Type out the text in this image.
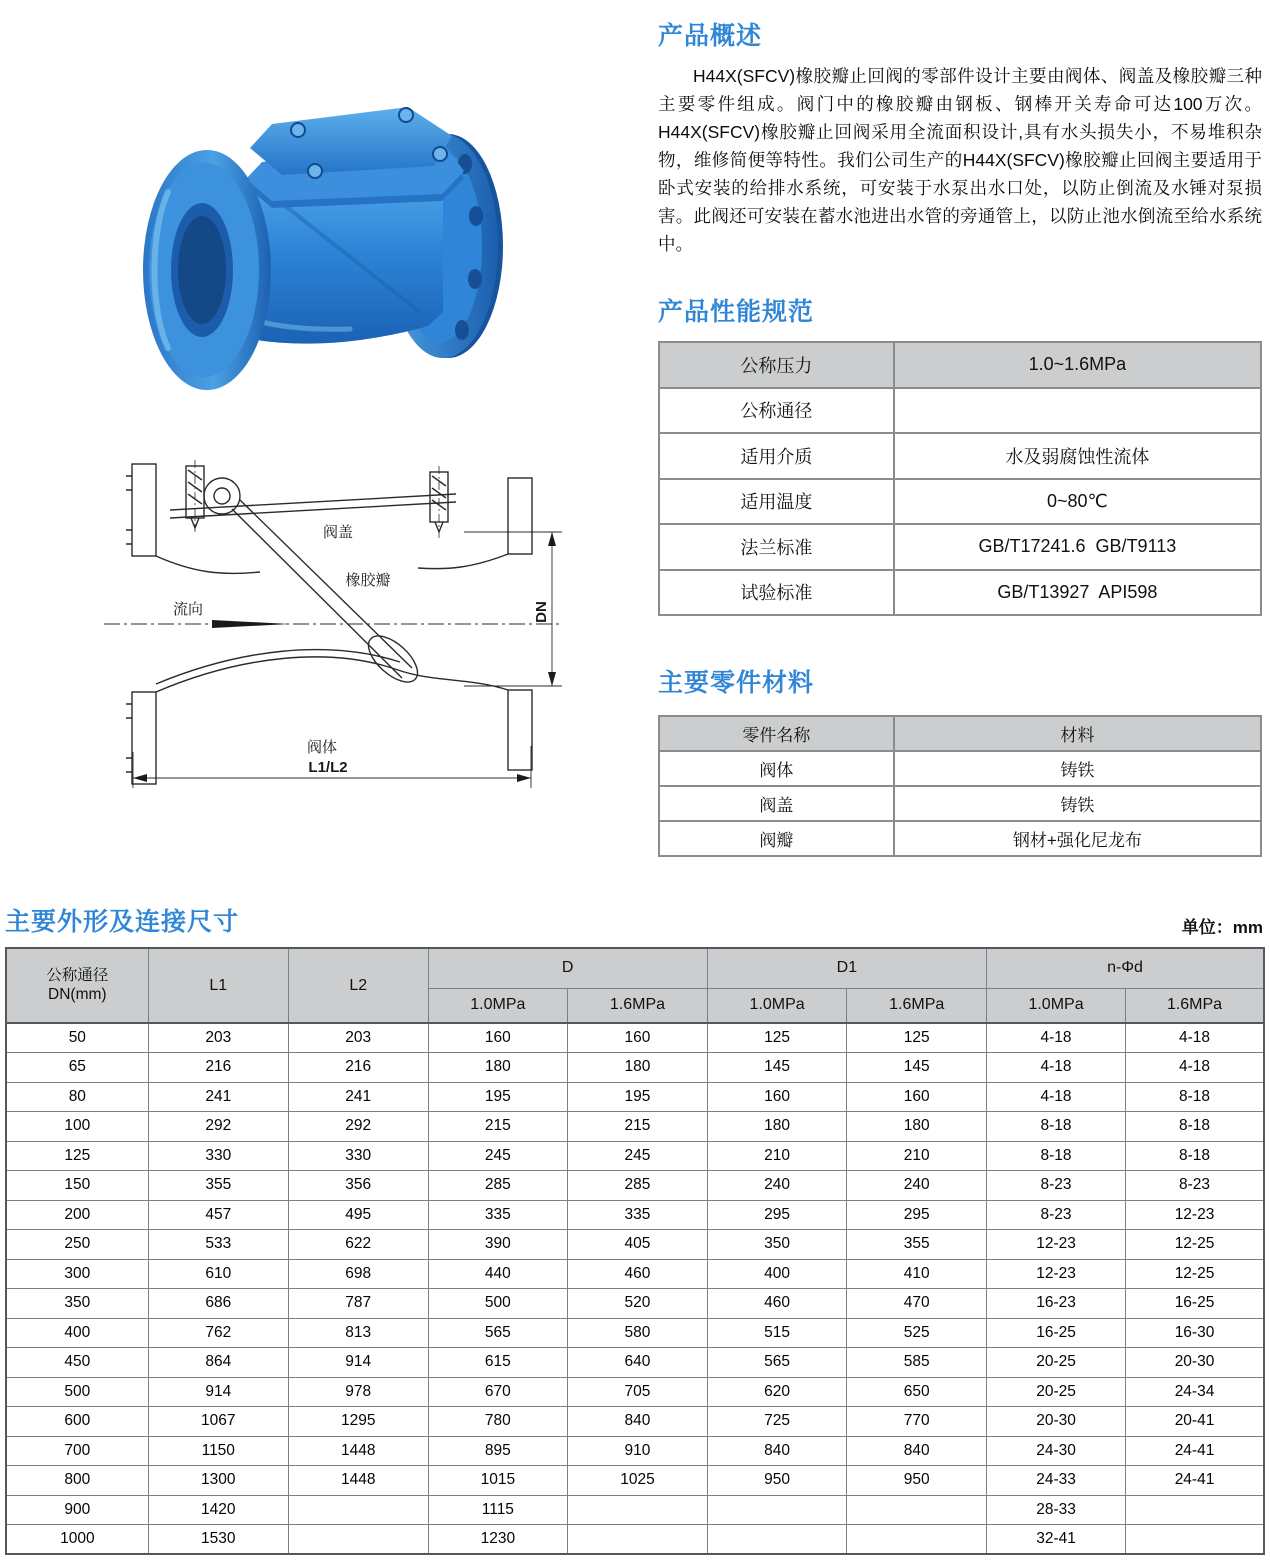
阀盖
橡胶瓣
流向
阀体
L1/L2
DN
产品概述

H44X(SFCV)橡胶瓣止回阀的零部件设计主要由阀体、阀盖及橡胶瓣三种主要零件组成。阀门中的橡胶瓣由钢板、钢棒开关寿命可达100万次。H44X(SFCV)橡胶瓣止回阀采用全流面积设计,具有水头损失小，不易堆积杂物，维修简便等特性。我们公司生产的H44X(SFCV)橡胶瓣止回阀主要适用于卧式安装的给排水系统，可安装于水泵出水口处，以防止倒流及水锤对泵损害。此阀还可安装在蓄水池进出水管的旁通管上，以防止池水倒流至给水系统中。

产品性能规范
公称压力	1.0~1.6MPa
公称通径	
适用介质	水及弱腐蚀性流体
适用温度	0~80℃
法兰标准	GB/T17241.6  GB/T9113
试验标准	GB/T13927  API598
主要零件材料
零件名称	材料
阀体	铸铁
阀盖	铸铁
阀瓣	钢材+强化尼龙布
主要外形及连接尺寸	单位：mm
公称通径
DN(mm)	L1	L2	D		D1		n-Φd	
			1.0MPa	1.6MPa	1.0MPa	1.6MPa	1.0MPa	1.6MPa
50	203	203	160	160	125	125	4-18	4-18
65	216	216	180	180	145	145	4-18	4-18
80	241	241	195	195	160	160	4-18	8-18
100	292	292	215	215	180	180	8-18	8-18
125	330	330	245	245	210	210	8-18	8-18
150	355	356	285	285	240	240	8-23	8-23
200	457	495	335	335	295	295	8-23	12-23
250	533	622	390	405	350	355	12-23	12-25
300	610	698	440	460	400	410	12-23	12-25
350	686	787	500	520	460	470	16-23	16-25
400	762	813	565	580	515	525	16-25	16-30
450	864	914	615	640	565	585	20-25	20-30
500	914	978	670	705	620	650	20-25	24-34
600	1067	1295	780	840	725	770	20-30	20-41
700	1150	1448	895	910	840	840	24-30	24-41
800	1300	1448	1015	1025	950	950	24-33	24-41
900	1420		1115				28-33	
1000	1530		1230				32-41	
